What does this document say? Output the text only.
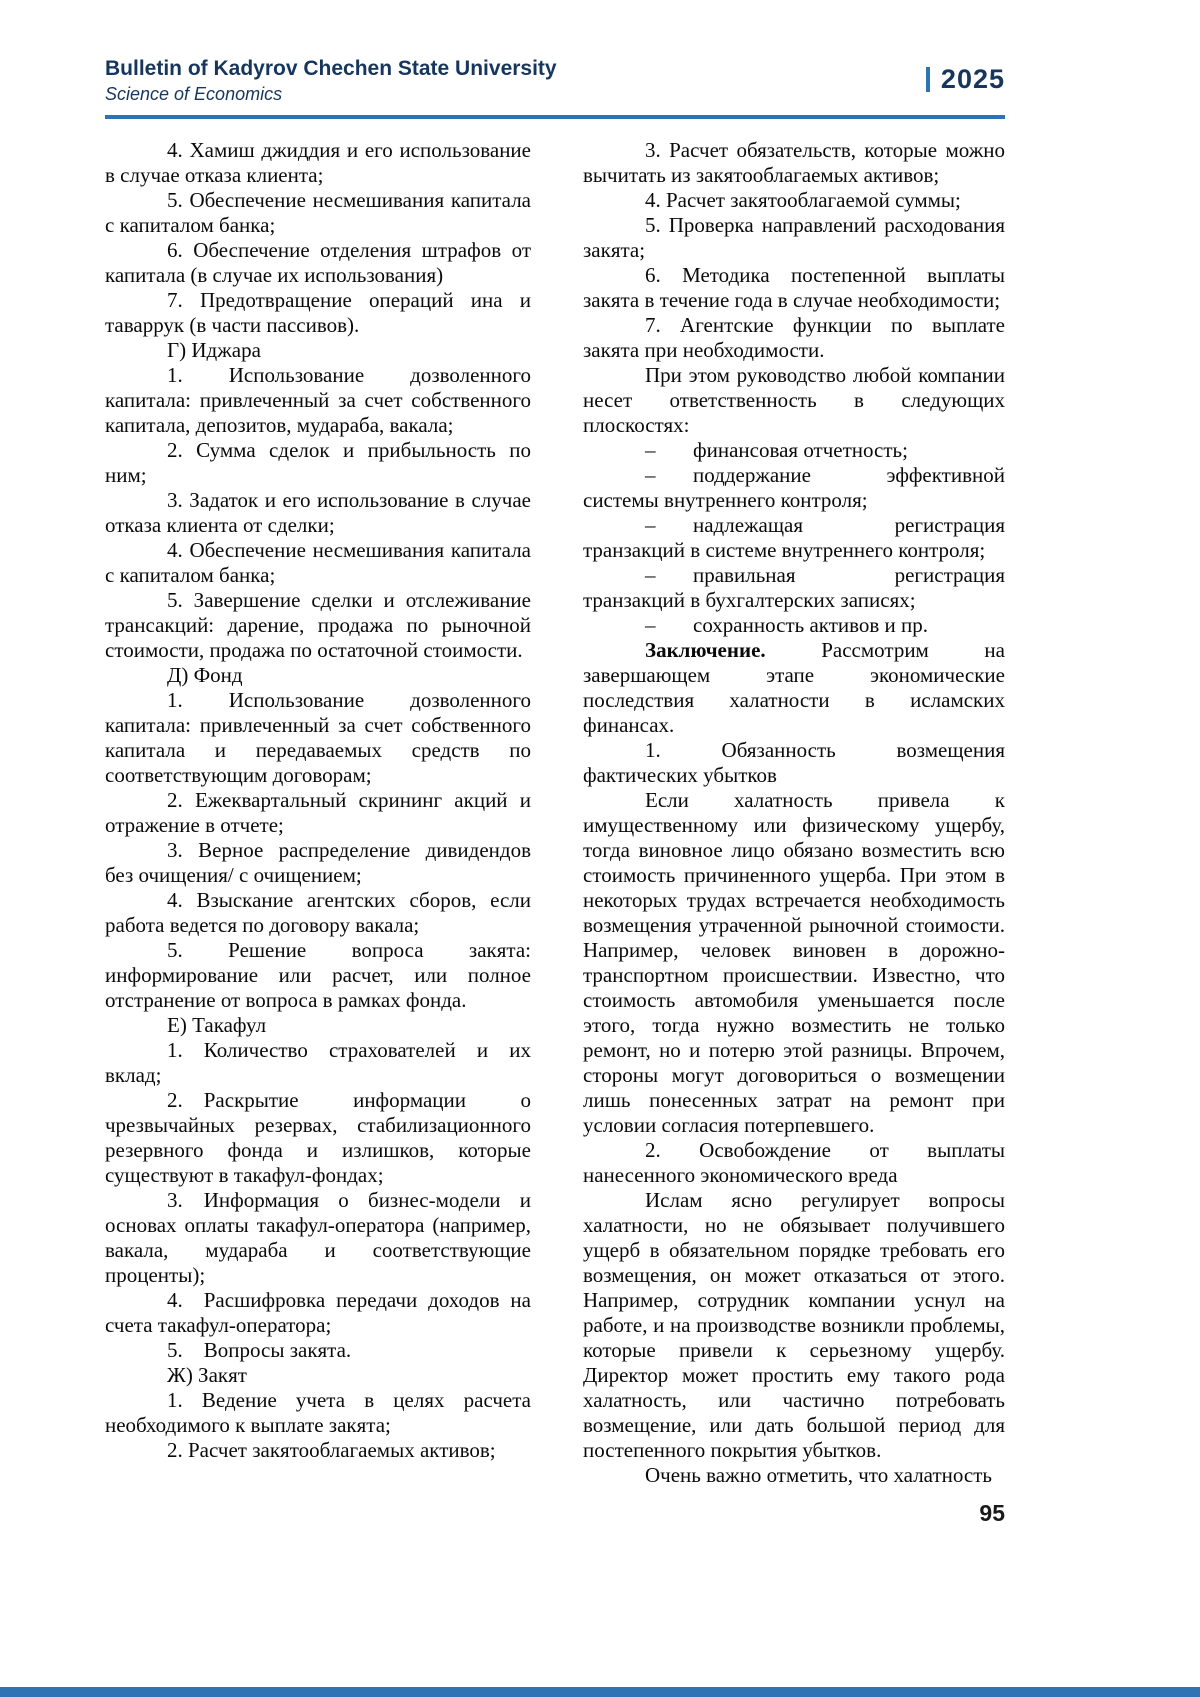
Bulletin of Kadyrov Chechen State University
Science of Economics
2025

4. Хамиш джиддия и его использование в случае отказа клиента;

5. Обеспечение несмешивания капитала с капиталом банка;

6. Обеспечение отделения штрафов от капитала (в случае их использования)

7. Предотвращение операций ина и таваррук (в части пассивов).

Г) Иджара

1. Использование дозволенного капитала: привлеченный за счет собственного капитала, депозитов, мудараба, вакала;

2. Сумма сделок и прибыльность по ним;

3. Задаток и его использование в случае отказа клиента от сделки;

4. Обеспечение несмешивания капитала с капиталом банка;

5. Завершение сделки и отслеживание трансакций: дарение, продажа по рыночной стоимости, продажа по остаточной стоимости.

Д) Фонд

1. Использование дозволенного капитала: привлеченный за счет собственного капитала и передаваемых средств по соответствующим договорам;

2. Ежеквартальный скрининг акций и отражение в отчете;

3. Верное распределение дивидендов без очищения/ с очищением;

4. Взыскание агентских сборов, если работа ведется по договору вакала;

5. Решение вопроса закята: информирование или расчет, или полное отстранение от вопроса в рамках фонда.

Е) Такафул

1. Количество страхователей и их вклад;

2. Раскрытие информации о чрезвычайных резервах, стабилизационного резервного фонда и излишков, которые существуют в такафул-фондах;

3. Информация о бизнес-модели и основах оплаты такафул-оператора (например, вакала, мудараба и соответствующие проценты);

4. Расшифровка передачи доходов на счета такафул-оператора;

5. Вопросы закята.

Ж) Закят

1. Ведение учета в целях расчета необходимого к выплате закята;

2. Расчет закятооблагаемых активов;

3. Расчет обязательств, которые можно вычитать из закятооблагаемых активов;

4. Расчет закятооблагаемой суммы;

5. Проверка направлений расходования закята;

6. Методика постепенной выплаты закята в течение года в случае необходимости;

7. Агентские функции по выплате закята при необходимости.

При этом руководство любой компании несет ответственность в следующих плоскостях:

– финансовая отчетность;

– поддержание эффективной системы внутреннего контроля;

– надлежащая регистрация транзакций в системе внутреннего контроля;

– правильная регистрация транзакций в бухгалтерских записях;

– сохранность активов и пр.

Заключение. Рассмотрим на завершающем этапе экономические последствия халатности в исламских финансах.

1. Обязанность возмещения фактических убытков

Если халатность привела к имущественному или физическому ущербу, тогда виновное лицо обязано возместить всю стоимость причиненного ущерба. При этом в некоторых трудах встречается необходимость возмещения утраченной рыночной стоимости. Например, человек виновен в дорожно-транспортном происшествии. Известно, что стоимость автомобиля уменьшается после этого, тогда нужно возместить не только ремонт, но и потерю этой разницы. Впрочем, стороны могут договориться о возмещении лишь понесенных затрат на ремонт при условии согласия потерпевшего.

2. Освобождение от выплаты нанесенного экономического вреда

Ислам ясно регулирует вопросы халатности, но не обязывает получившего ущерб в обязательном порядке требовать его возмещения, он может отказаться от этого. Например, сотрудник компании уснул на работе, и на производстве возникли проблемы, которые привели к серьезному ущербу. Директор может простить ему такого рода халатность, или частично потребовать возмещение, или дать большой период для постепенного покрытия убытков.

Очень важно отметить, что халатность

95
